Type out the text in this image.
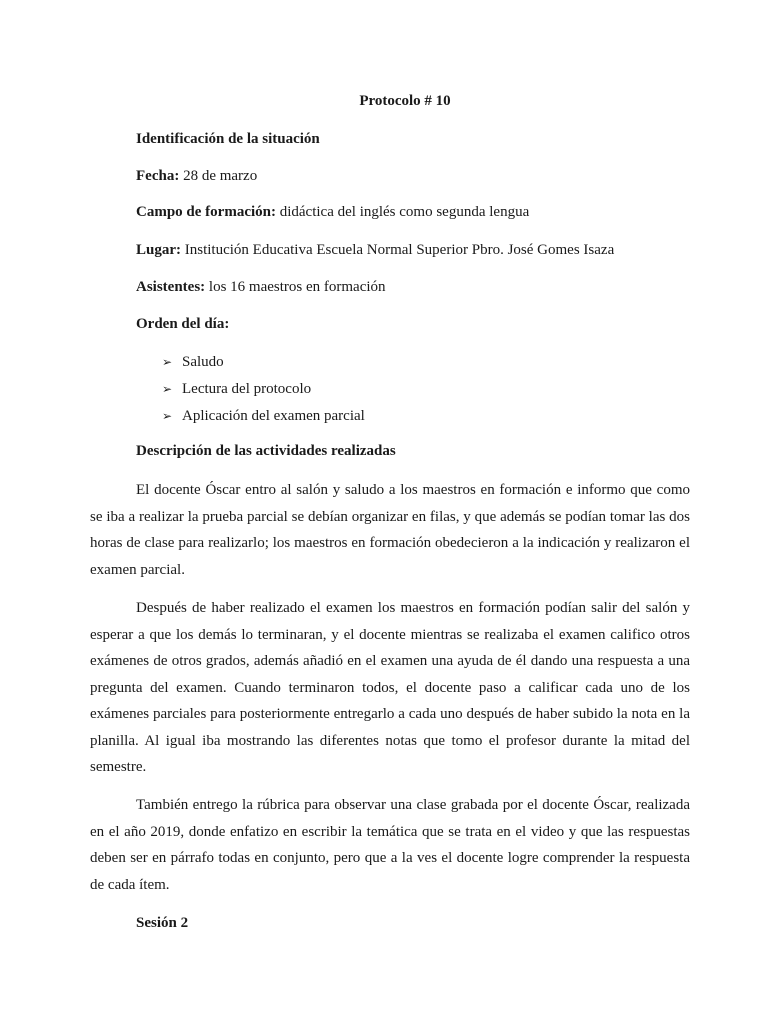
Protocolo # 10
Identificación de la situación
Fecha: 28 de marzo
Campo de formación: didáctica del inglés como segunda lengua
Lugar: Institución Educativa Escuela Normal Superior Pbro. José Gomes Isaza
Asistentes: los 16 maestros en formación
Orden del día:
➢ Saludo
➢ Lectura del protocolo
➢ Aplicación del examen parcial
Descripción de las actividades realizadas

El docente Óscar entro al salón y saludo a los maestros en formación e informo que como se iba a realizar la prueba parcial se debían organizar en filas, y que además se podían tomar las dos horas de clase para realizarlo; los maestros en formación obedecieron a la indicación y realizaron el examen parcial.

Después de haber realizado el examen los maestros en formación podían salir del salón y esperar a que los demás lo terminaran, y el docente mientras se realizaba el examen califico otros exámenes de otros grados, además añadió en el examen una ayuda de él dando una respuesta a una pregunta del examen. Cuando terminaron todos, el docente paso a calificar cada uno de los exámenes parciales para posteriormente entregarlo a cada uno después de haber subido la nota en la planilla. Al igual iba mostrando las diferentes notas que tomo el profesor durante la mitad del semestre.

También entrego la rúbrica para observar una clase grabada por el docente Óscar, realizada en el año 2019, donde enfatizo en escribir la temática que se trata en el video y que las respuestas deben ser en párrafo todas en conjunto, pero que a la ves el docente logre comprender la respuesta de cada ítem.

Sesión 2
